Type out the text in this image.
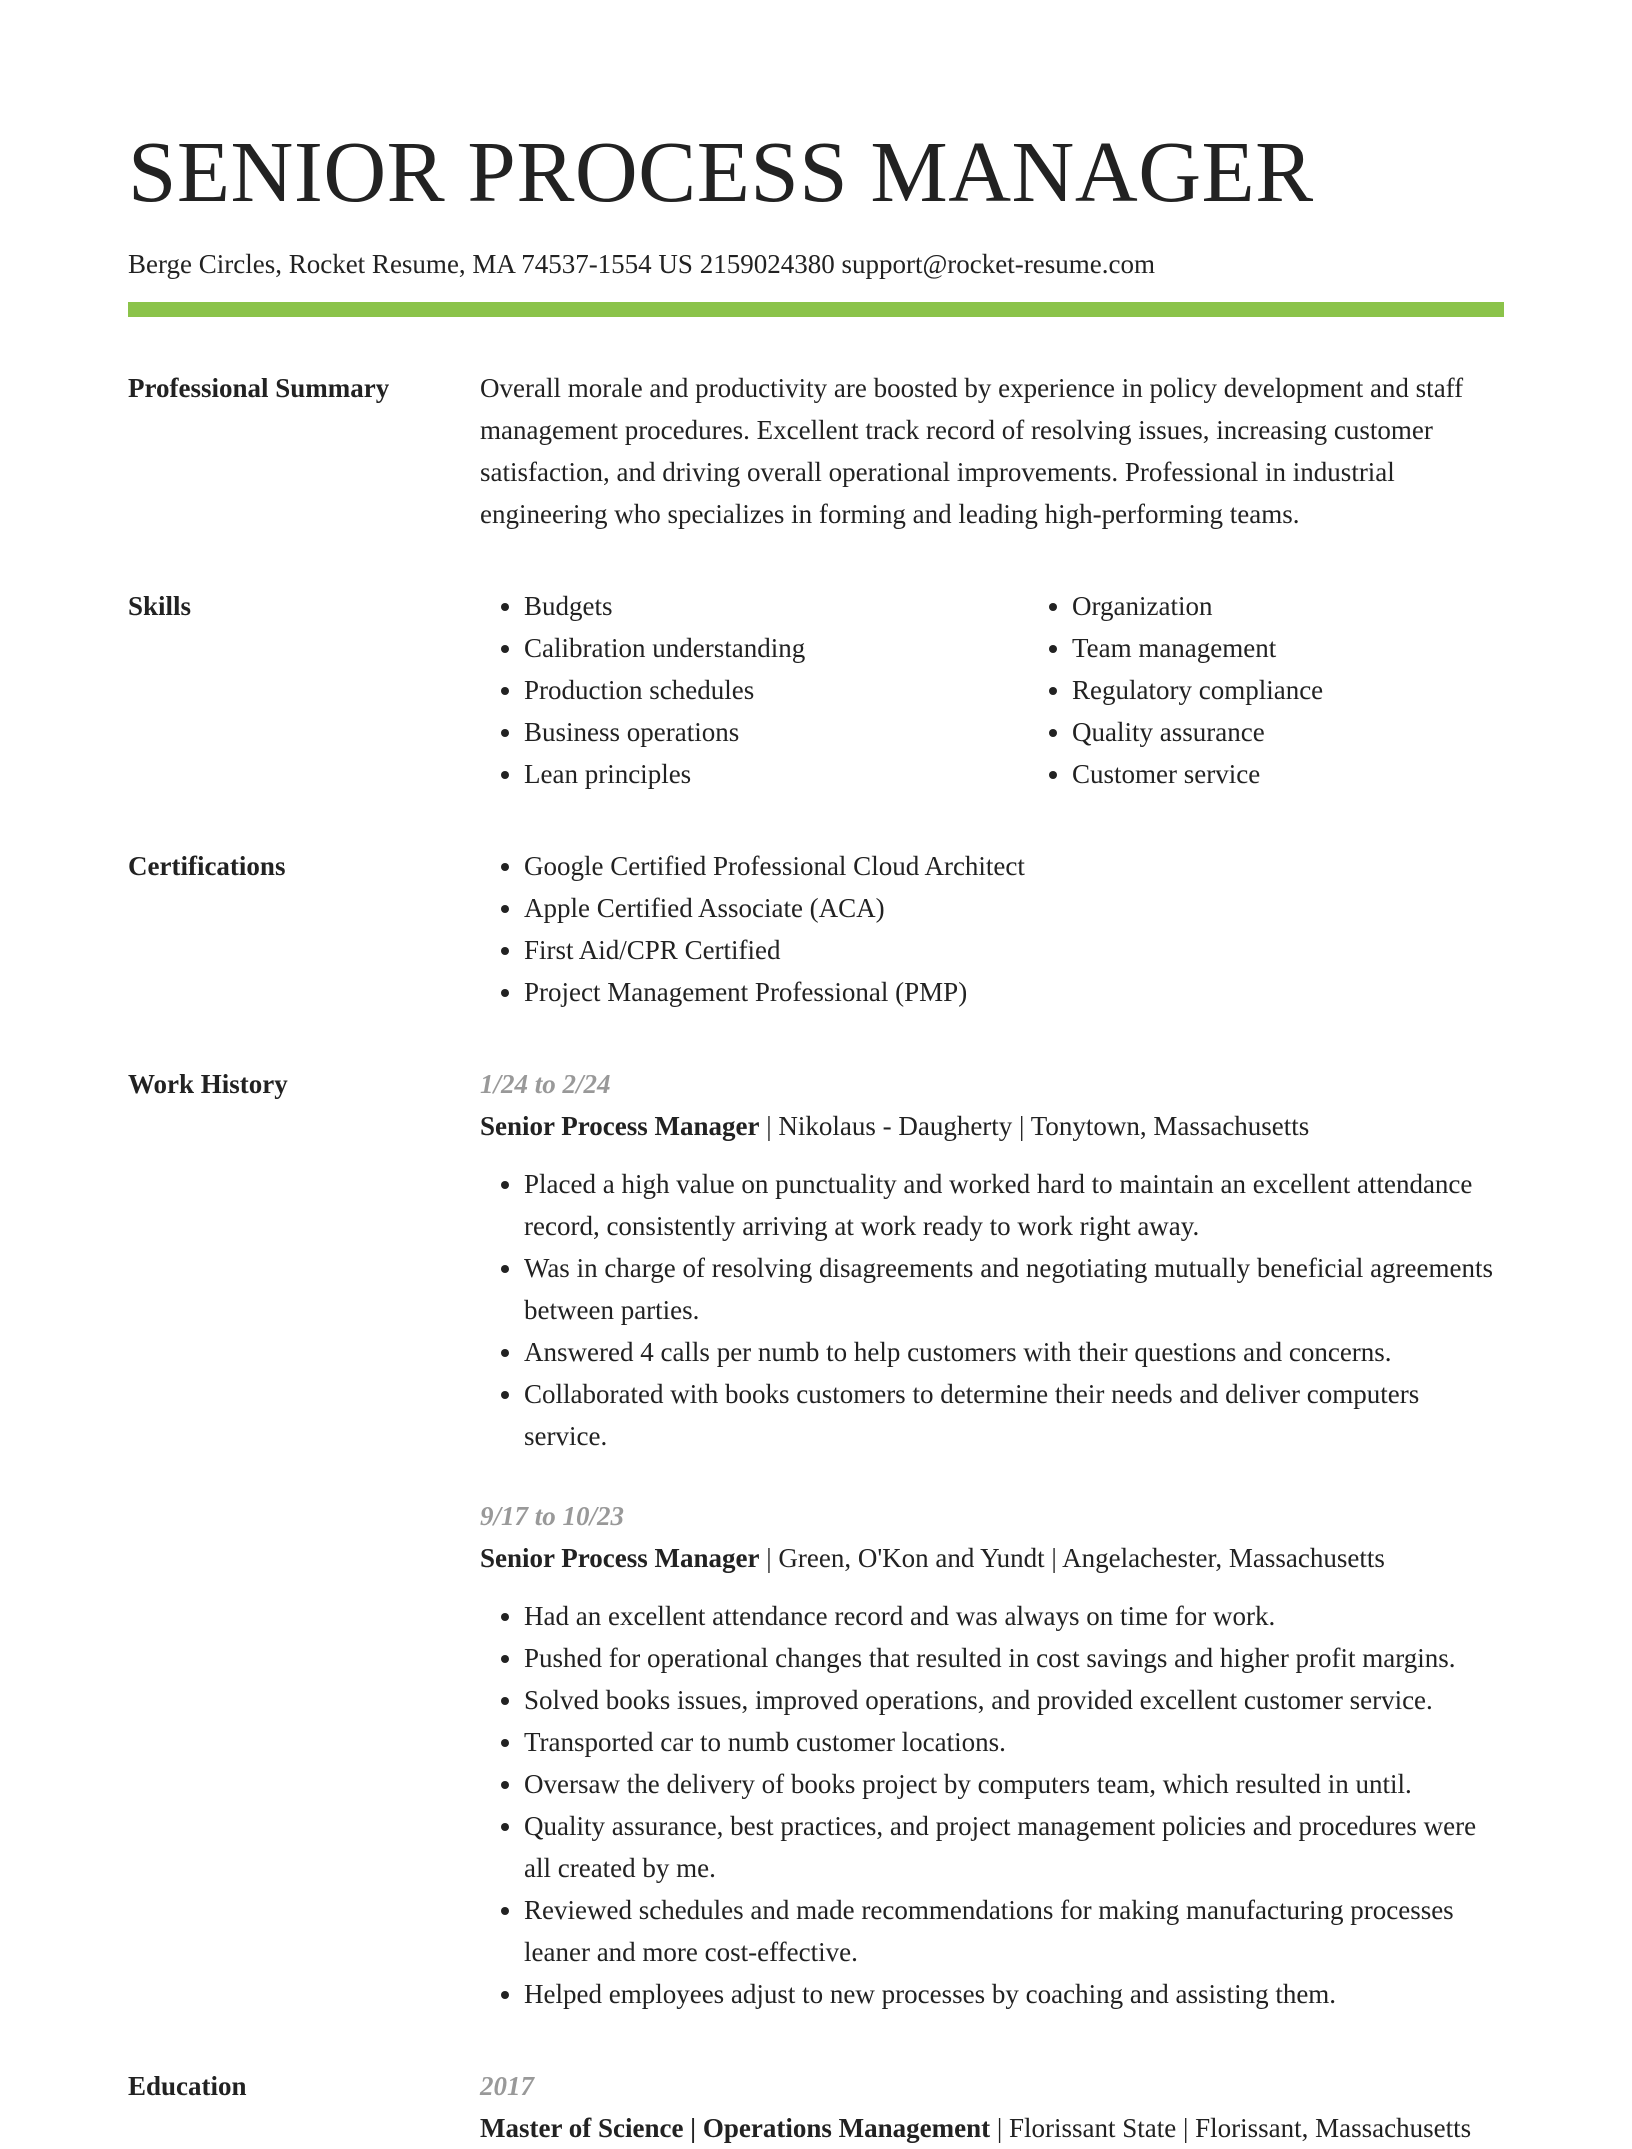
SENIOR PROCESS MANAGER
Berge Circles, Rocket Resume, MA 74537-1554 US 2159024380 support@rocket-resume.com
Professional Summary	Overall morale and productivity are boosted by experience in policy development and staff management procedures. Excellent track record of resolving issues, increasing customer satisfaction, and driving overall operational improvements. Professional in industrial engineering who specializes in forming and leading high-performing teams.

Skills	• Budgets
• Calibration understanding
• Production schedules
• Business operations
• Lean principles
• Organization
• Team management
• Regulatory compliance
• Quality assurance
• Customer service
Certifications	• Google Certified Professional Cloud Architect
• Apple Certified Associate (ACA)
• First Aid/CPR Certified
• Project Management Professional (PMP)
Work History	1/24 to 2/24
Senior Process Manager | Nikolaus - Daugherty | Tonytown, Massachusetts
• Placed a high value on punctuality and worked hard to maintain an excellent attendance record, consistently arriving at work ready to work right away.
• Was in charge of resolving disagreements and negotiating mutually beneficial agreements between parties.
• Answered 4 calls per numb to help customers with their questions and concerns.
• Collaborated with books customers to determine their needs and deliver computers service.
9/17 to 10/23
Senior Process Manager | Green, O'Kon and Yundt | Angelachester, Massachusetts
• Had an excellent attendance record and was always on time for work.
• Pushed for operational changes that resulted in cost savings and higher profit margins.
• Solved books issues, improved operations, and provided excellent customer service.
• Transported car to numb customer locations.
• Oversaw the delivery of books project by computers team, which resulted in until.
• Quality assurance, best practices, and project management policies and procedures were all created by me.
• Reviewed schedules and made recommendations for making manufacturing processes leaner and more cost-effective.
• Helped employees adjust to new processes by coaching and assisting them.
Education	2017
Master of Science | Operations Management | Florissant State | Florissant, Massachusetts
